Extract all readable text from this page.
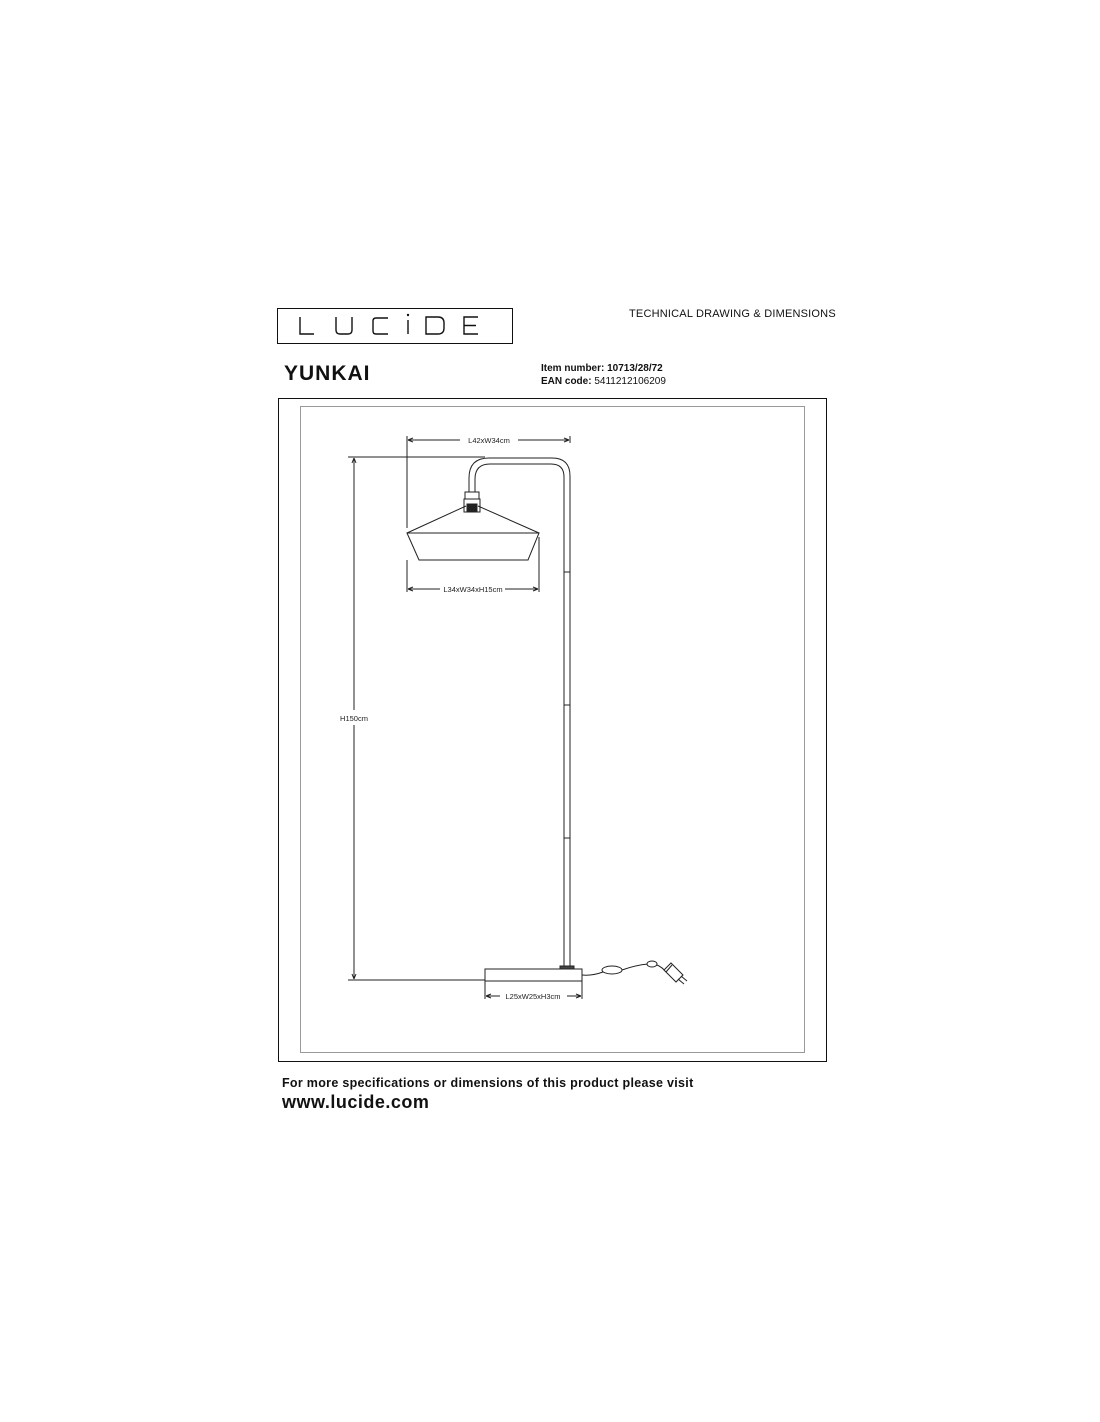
TECHNICAL DRAWING & DIMENSIONS
YUNKAI	Item number: 10713/28/72
EAN code: 5411212106209
L42xW34cm
L34xW34xH15cm
H150cm
L25xW25xH3cm
For more specifications or dimensions of this product please visit
www.lucide.com
